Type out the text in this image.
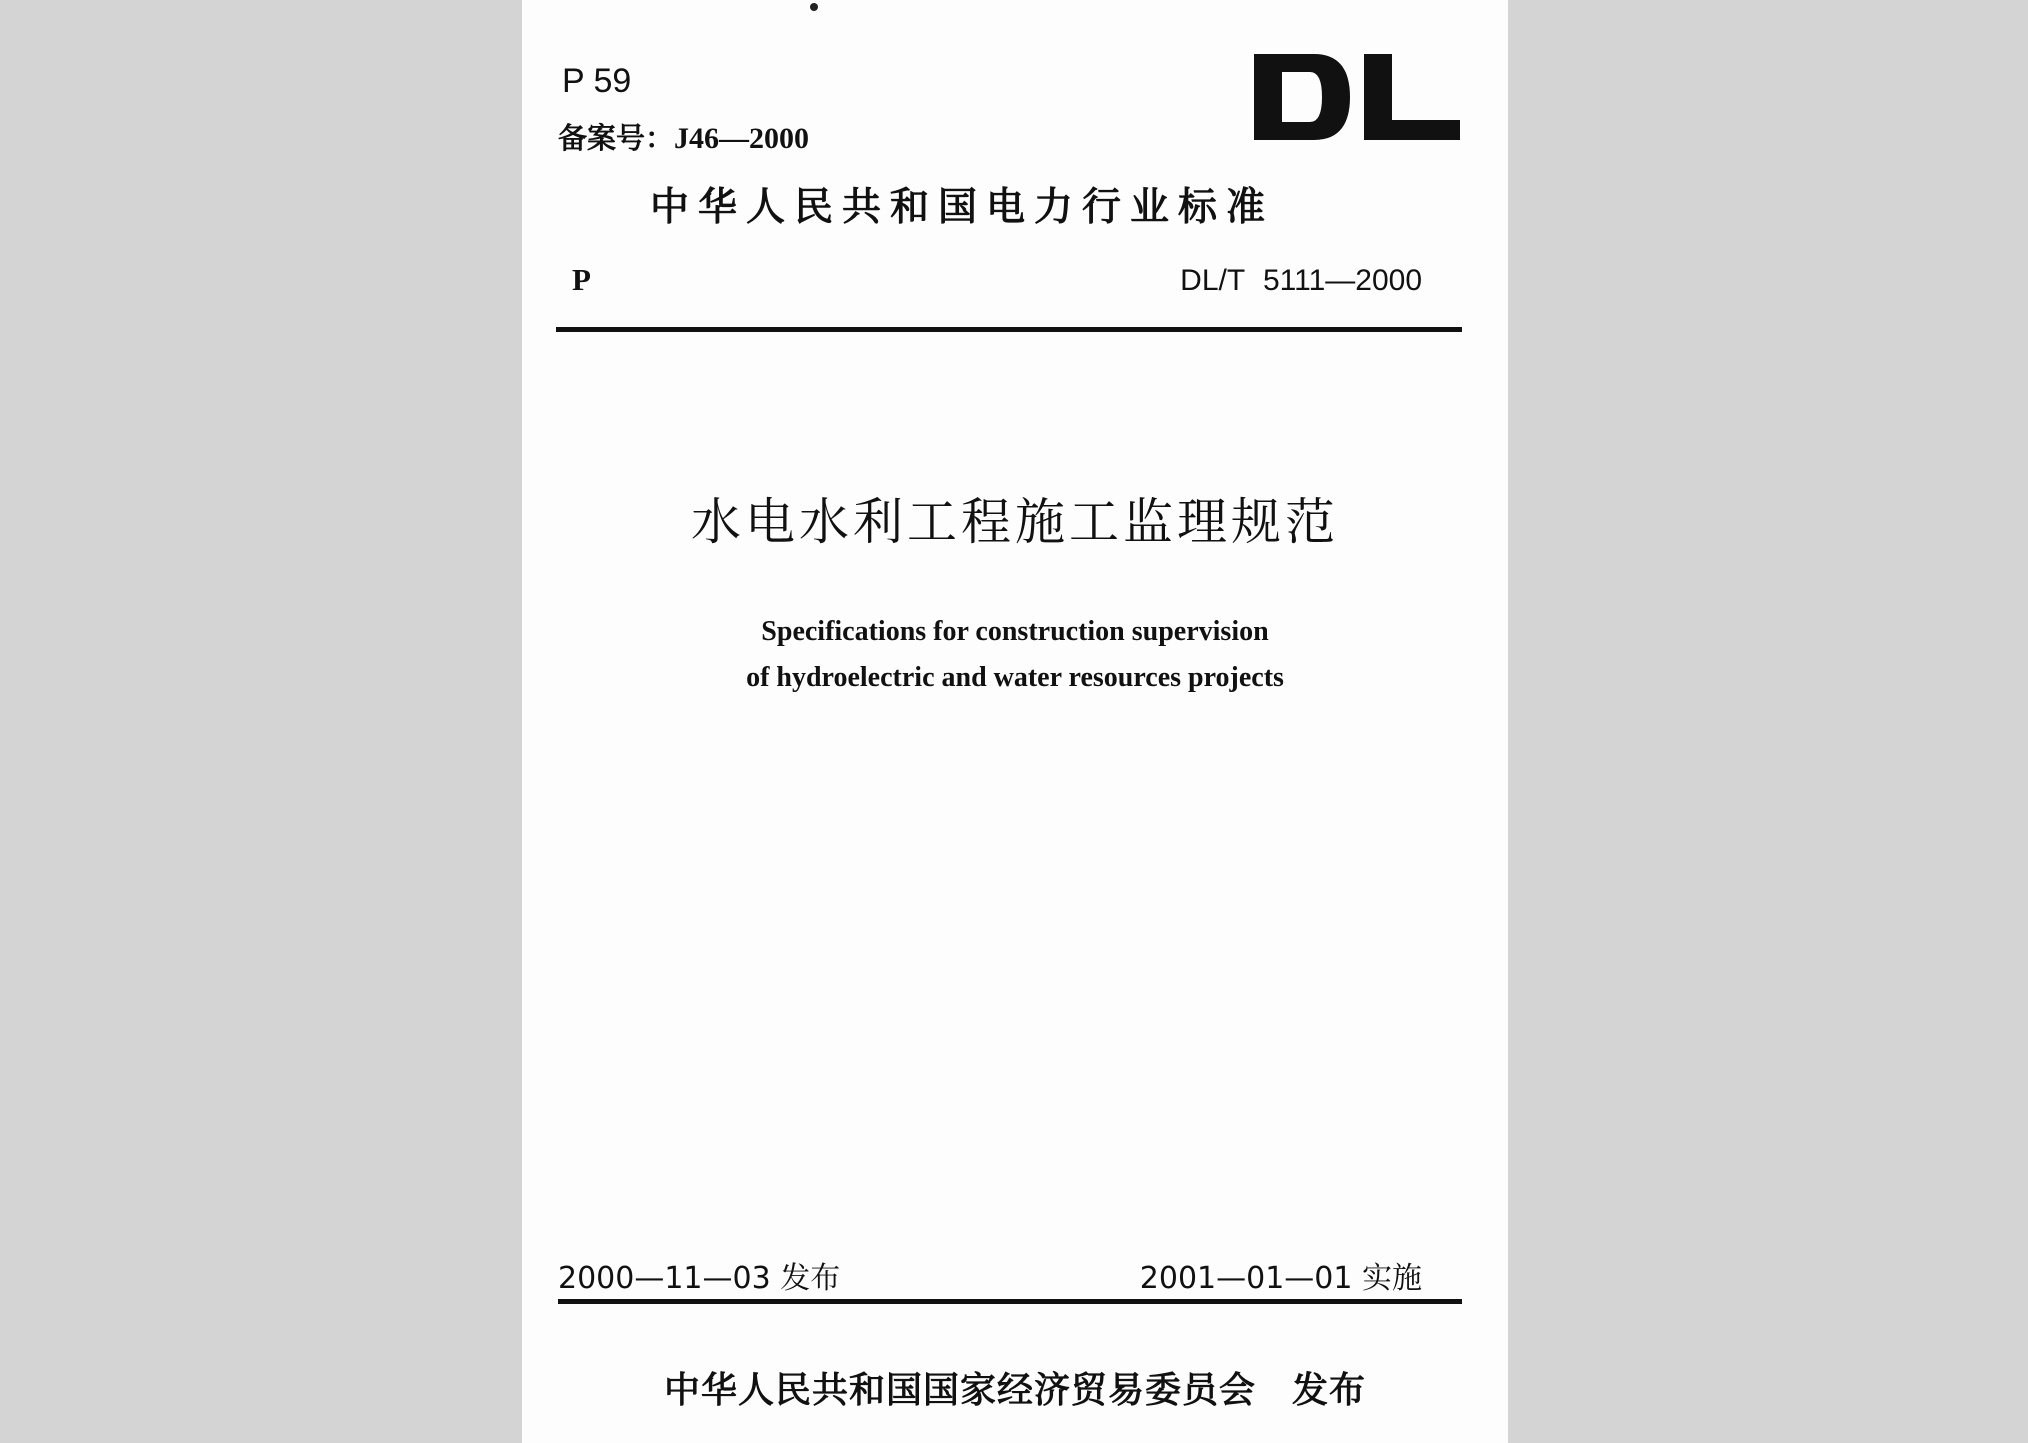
P 59
备案号：J46—2000
中华人民共和国电力行业标准
P	DL/T 5111—2000
水电水利工程施工监理规范
Specifications for construction supervision
of hydroelectric and water resources projects
2000—11—03 发布	2001—01—01 实施
中华人民共和国国家经济贸易委员会 发布
